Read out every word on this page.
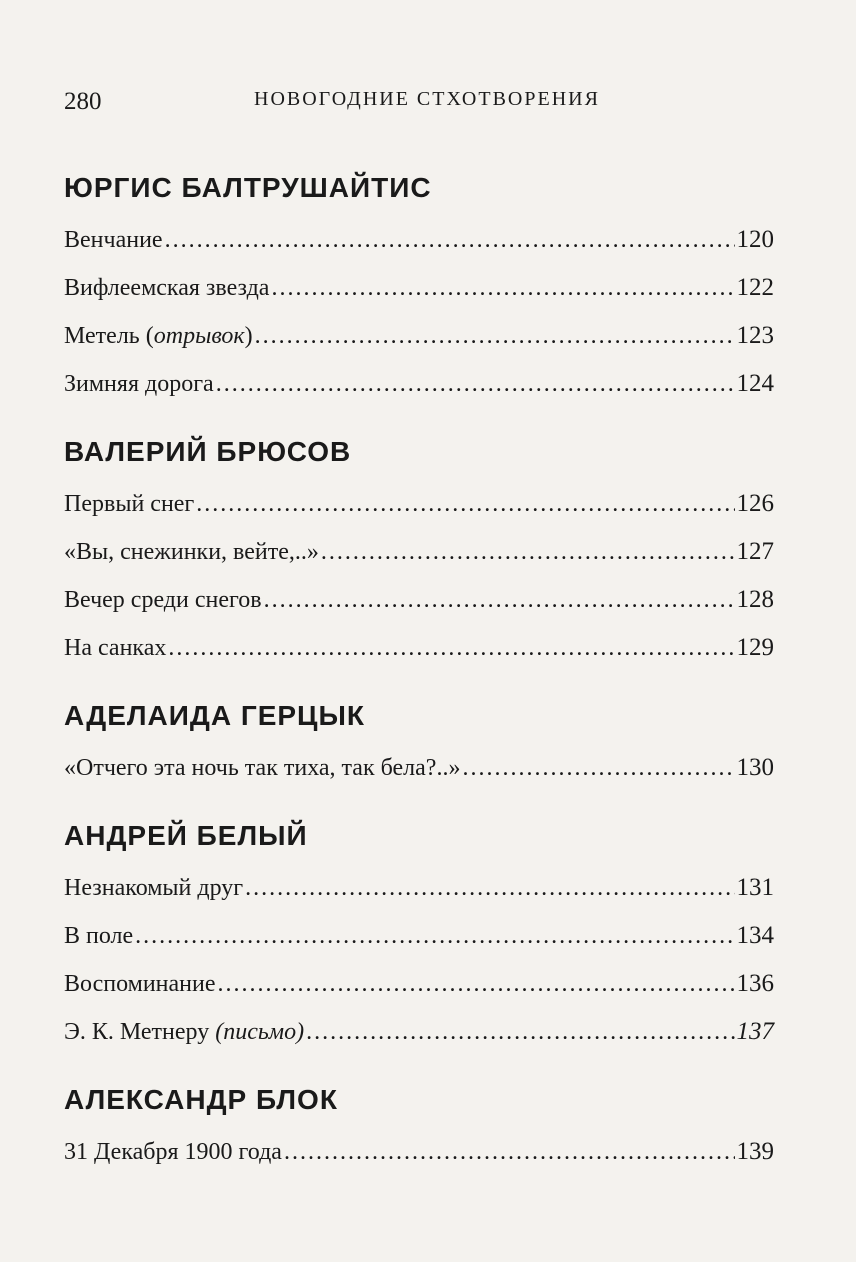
280	НОВОГОДНИЕ СТХОТВОРЕНИЯ
ЮРГИС БАЛТРУШАЙТИС
Венчание .....	120
Вифлеемская звезда .....	122
Метель (отрывок) .....	123
Зимняя дорога .....	124
ВАЛЕРИЙ БРЮСОВ
Первый снег .....	126
«Вы, снежинки, вейте,..» .....	127
Вечер среди снегов .....	128
На санках .....	129
АДЕЛАИДА ГЕРЦЫК
«Отчего эта ночь так тиха, так бела?..» .....	130
АНДРЕЙ БЕЛЫЙ
Незнакомый друг .....	131
В поле .....	134
Воспоминание .....	136
Э. К. Метнеру (письмо) .....	137
АЛЕКСАНДР БЛОК
31 Декабря 1900 года .....	139
